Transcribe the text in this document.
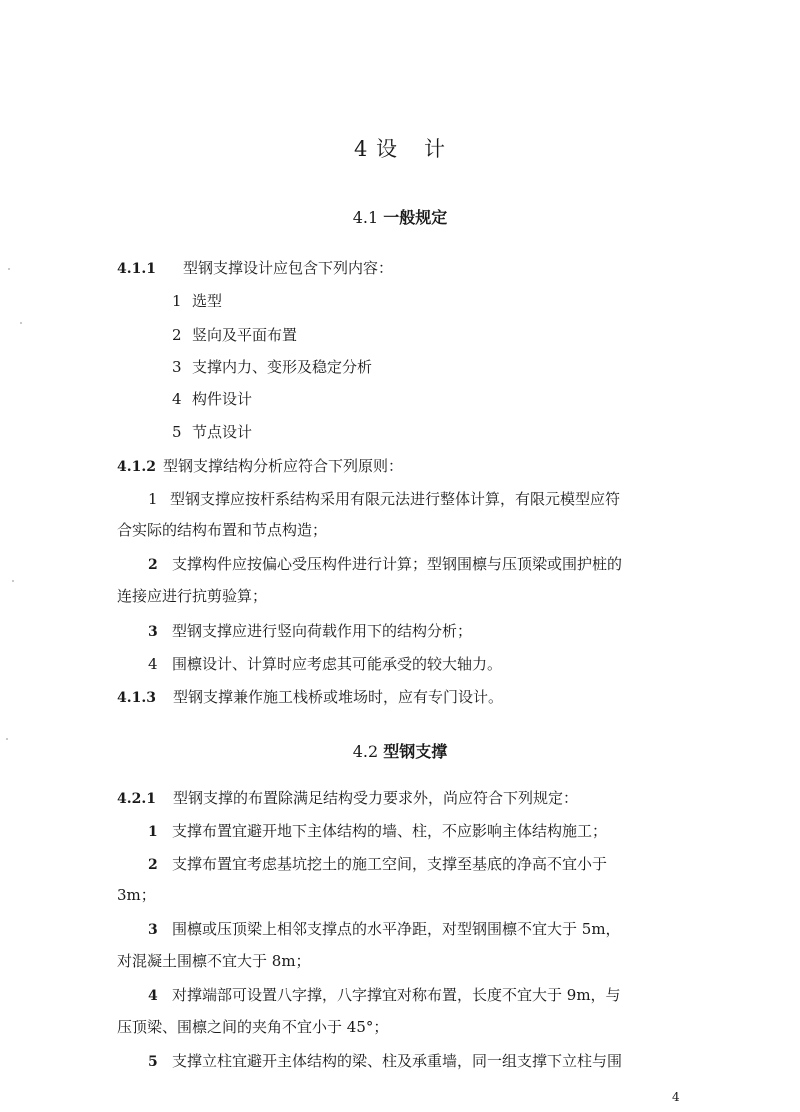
4 设 计
4.1 一般规定
4.1.1 型钢支撑设计应包含下列内容：
1 选型
2 竖向及平面布置
3 支撑内力、变形及稳定分析
4 构件设计
5 节点设计
4.1.2 型钢支撑结构分析应符合下列原则：
1 型钢支撑应按杆系结构采用有限元法进行整体计算，有限元模型应符
合实际的结构布置和节点构造；
2 支撑构件应按偏心受压构件进行计算；型钢围檩与压顶梁或围护桩的
连接应进行抗剪验算；
3 型钢支撑应进行竖向荷载作用下的结构分析；
4 围檩设计、计算时应考虑其可能承受的较大轴力。
4.1.3 型钢支撑兼作施工栈桥或堆场时，应有专门设计。
4.2 型钢支撑
4.2.1 型钢支撑的布置除满足结构受力要求外，尚应符合下列规定：
1 支撑布置宜避开地下主体结构的墙、柱，不应影响主体结构施工；
2 支撑布置宜考虑基坑挖土的施工空间，支撑至基底的净高不宜小于
3m；
3 围檩或压顶梁上相邻支撑点的水平净距，对型钢围檩不宜大于 5m，
对混凝土围檩不宜大于 8m；
4 对撑端部可设置八字撑，八字撑宜对称布置，长度不宜大于 9m，与
压顶梁、围檩之间的夹角不宜小于 45°；
5 支撑立柱宜避开主体结构的梁、柱及承重墙，同一组支撑下立柱与围
4
